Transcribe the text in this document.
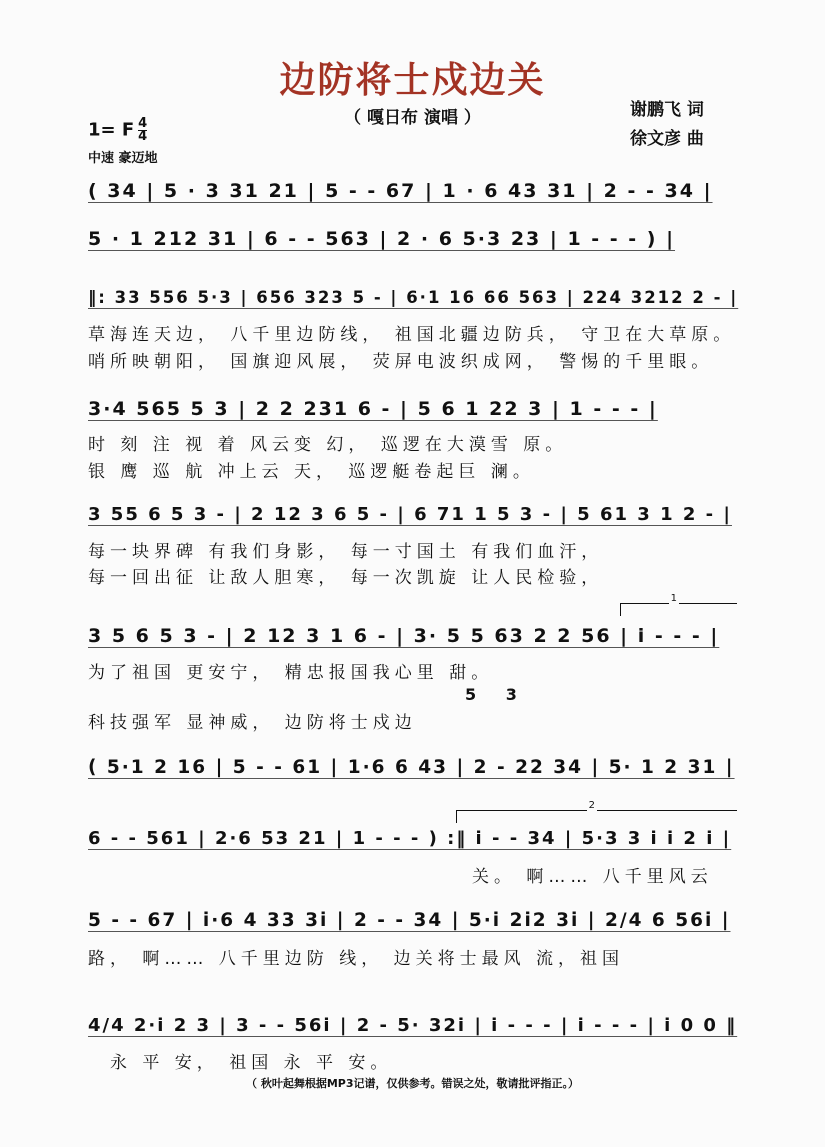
边防将士戍边关
（ 嘎日布 演唱 ）	谢鹏飞 词
徐文彦 曲
1= F $\frac{4}{4}$
中速 豪迈地
( 34 | 5 · 3 31 21 | 5 - - 67 | 1 · 6 43 31 | 2 - - 34 |
5 · 1 212 31 | 6 - - 563 | 2 · 6 5·3 23 | 1 - - - ) |
‖: 33 556 5·3 | 656 323 5 - | 6·1 16 66 563 | 224 3212 2 - |
草海连天边， 八千里边防线， 祖国北疆边防兵， 守卫在大草原。
哨所映朝阳， 国旗迎风展， 荧屏电波织成网， 警惕的千里眼。
3·4 565 5 3 | 2 2 231 6 - | 5 6 1 22 3 | 1 - - - |
时 刻 注 视 着 风云变 幻， 巡逻在大漠雪 原。
银 鹰 巡 航 冲上云 天， 巡逻艇卷起巨 澜。
3 55 6 5 3 - | 2 12 3 6 5 - | 6 71 1 5 3 - | 5 61 3 1 2 - |
每一块界碑 有我们身影， 每一寸国土 有我们血汗，
每一回出征 让敌人胆寒， 每一次凯旋 让人民检验，
1
3 5 6 5 3 - | 2 12 3 1 6 - | 3· 5 5 63 2 2 56 | i - - - |
为了祖国 更安宁， 精忠报国我心里 甜。
5 3
科技强军 显神威， 边防将士戍边
( 5·1 2 16 | 5 - - 61 | 1·6 6 43 | 2 - 22 34 | 5· 1 2 31 |
2
6 - - 561 | 2·6 53 21 | 1 - - - ) :‖ i - - 34 | 5·3 3 i i 2 i |
关。 啊…… 八千里风云
5 - - 67 | i·6 4 33 3i | 2 - - 34 | 5·i 2i2 3i | 2/4 6 56i |
路， 啊…… 八千里边防 线， 边关将士最风 流，祖国
4/4 2·i 2 3 | 3 - - 56i | 2 - 5· 32i | i - - - | i - - - | i 0 0 ‖
永 平 安， 祖国 永 平 安。
（ 秋叶起舞根据MP3记谱，仅供参考。错误之处，敬请批评指正。）
